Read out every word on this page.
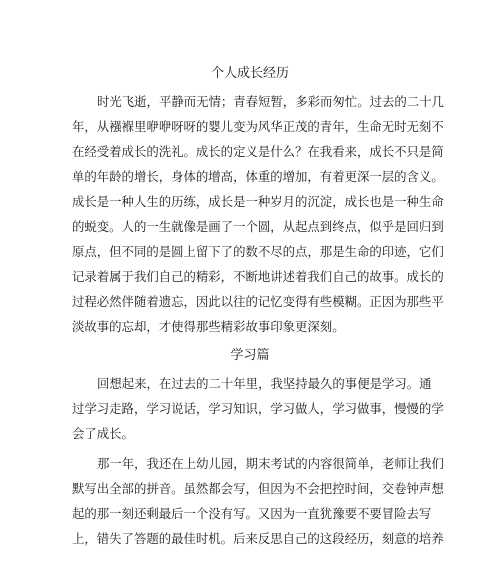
个人成长经历
时光飞逝，平静而无情；青春短暂，多彩而匆忙。过去的二十几
年，从襁褓里咿咿呀呀的婴儿变为风华正茂的青年，生命无时无刻不
在经受着成长的洗礼。成长的定义是什么？在我看来，成长不只是简
单的年龄的增长，身体的增高，体重的增加，有着更深一层的含义。
成长是一种人生的历练，成长是一种岁月的沉淀，成长也是一种生命
的蜕变。人的一生就像是画了一个圆，从起点到终点，似乎是回归到
原点，但不同的是圆上留下了的数不尽的点，那是生命的印迹，它们
记录着属于我们自己的精彩，不断地讲述着我们自己的故事。成长的
过程必然伴随着遗忘，因此以往的记忆变得有些模糊。正因为那些平
淡故事的忘却，才使得那些精彩故事印象更深刻。
学习篇
回想起来，在过去的二十年里，我坚持最久的事便是学习。通
过学习走路，学习说话，学习知识，学习做人，学习做事，慢慢的学
会了成长。
那一年，我还在上幼儿园，期末考试的内容很简单，老师让我们
默写出全部的拼音。虽然都会写，但因为不会把控时间，交卷钟声想
起的那一刻还剩最后一个没有写。又因为一直犹豫要不要冒险去写
上，错失了答题的最佳时机。后来反思自己的这段经历，刻意的培养
